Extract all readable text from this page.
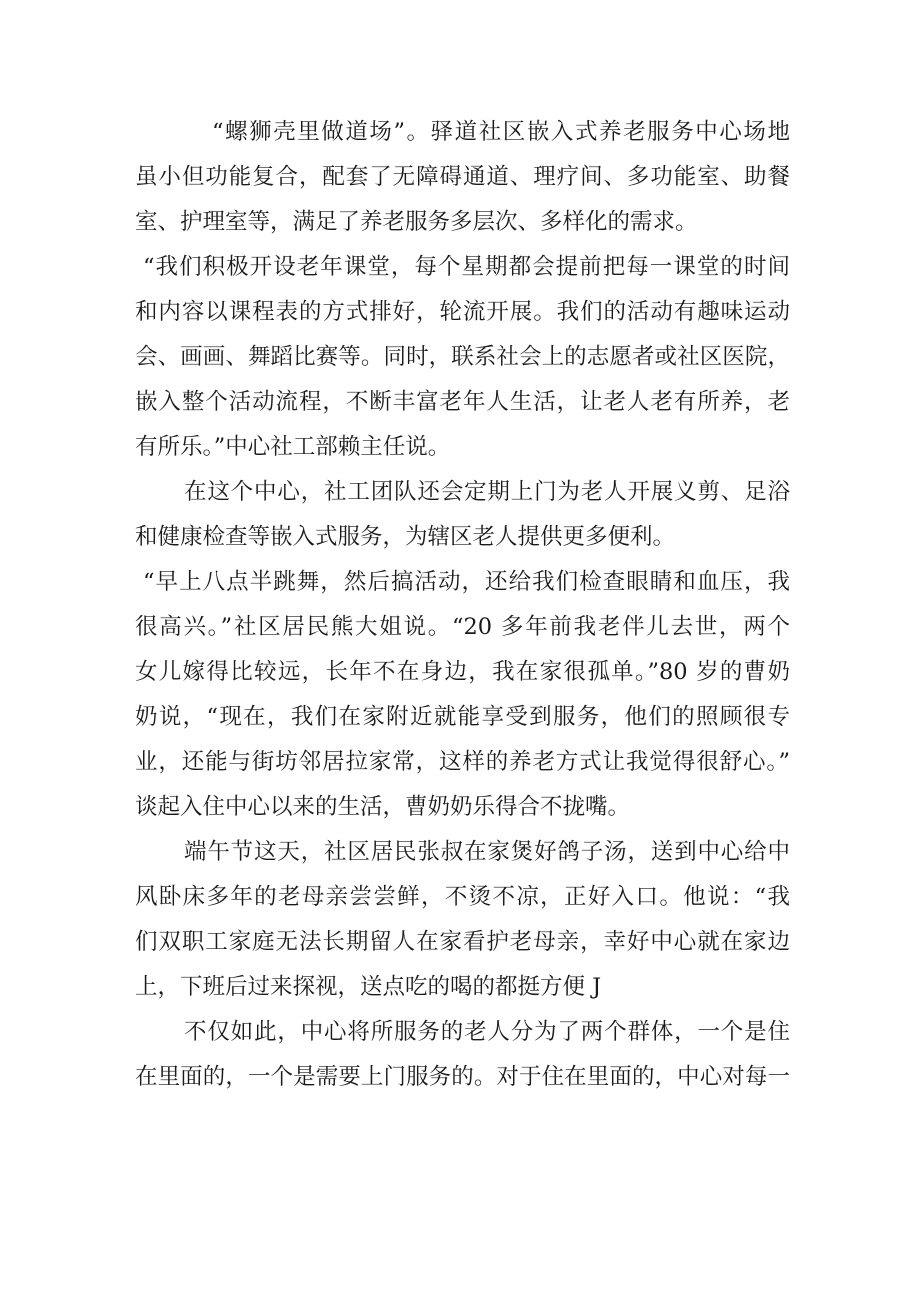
“螺狮壳里做道场”。驿道社区嵌入式养老服务中心场地
虽小但功能复合，配套了无障碍通道、理疗间、多功能室、助餐
室、护理室等，满足了养老服务多层次、多样化的需求。
“我们积极开设老年课堂，每个星期都会提前把每一课堂的时间
和内容以课程表的方式排好，轮流开展。我们的活动有趣味运动
会、画画、舞蹈比赛等。同时，联系社会上的志愿者或社区医院，
嵌入整个活动流程，不断丰富老年人生活，让老人老有所养，老
有所乐。”中心社工部赖主任说。
在这个中心，社工团队还会定期上门为老人开展义剪、足浴
和健康检查等嵌入式服务，为辖区老人提供更多便利。
“早上八点半跳舞，然后搞活动，还给我们检查眼睛和血压，我
很高兴。”社区居民熊大姐说。“20 多年前我老伴儿去世，两个
女儿嫁得比较远，长年不在身边，我在家很孤单。”80 岁的曹奶
奶说，“现在，我们在家附近就能享受到服务，他们的照顾很专
业，还能与街坊邻居拉家常，这样的养老方式让我觉得很舒心。”
谈起入住中心以来的生活，曹奶奶乐得合不拢嘴。
端午节这天，社区居民张叔在家煲好鸽子汤，送到中心给中
风卧床多年的老母亲尝尝鲜，不烫不凉，正好入口。他说：“我
们双职工家庭无法长期留人在家看护老母亲，幸好中心就在家边
上，下班后过来探视，送点吃的喝的都挺方便 J
不仅如此，中心将所服务的老人分为了两个群体，一个是住
在里面的，一个是需要上门服务的。对于住在里面的，中心对每一
